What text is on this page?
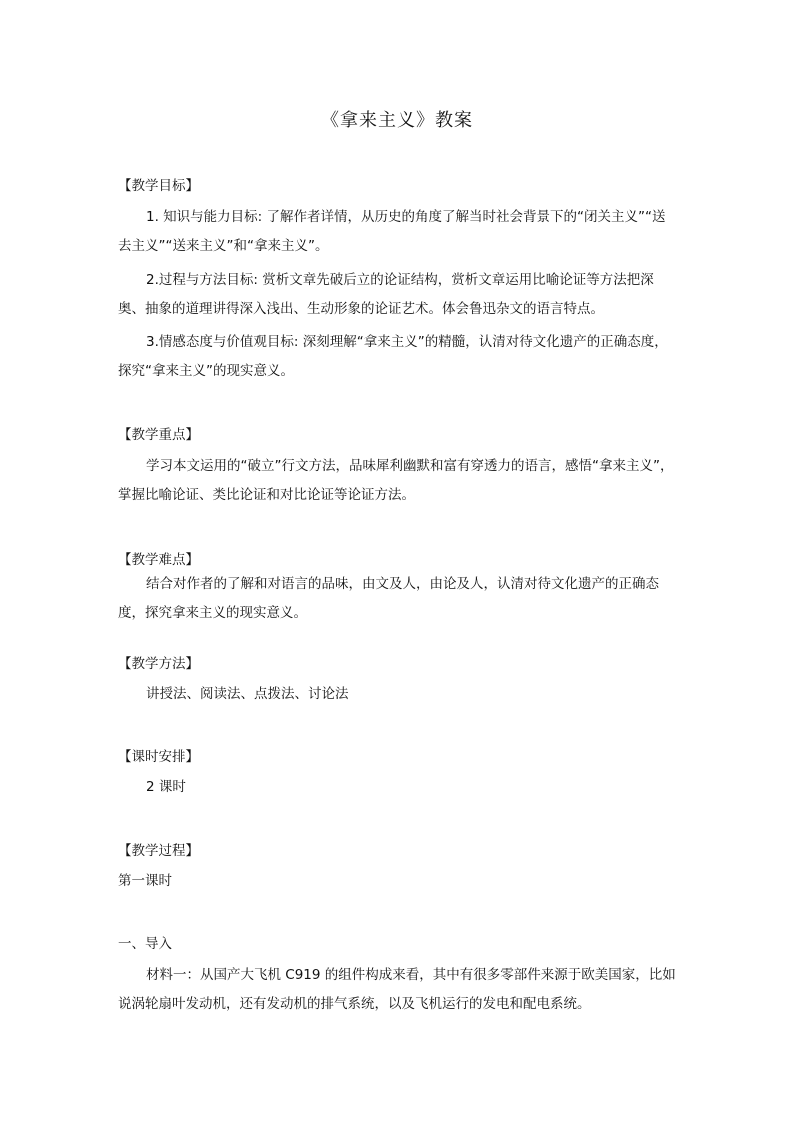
《拿来主义》教案
【教学目标】
1. 知识与能力目标: 了解作者详情，从历史的角度了解当时社会背景下的“闭关主义”“送去主义”“送来主义”和“拿来主义”。
2.过程与方法目标: 赏析文章先破后立的论证结构，赏析文章运用比喻论证等方法把深奥、抽象的道理讲得深入浅出、生动形象的论证艺术。体会鲁迅杂文的语言特点。
3.情感态度与价值观目标: 深刻理解“拿来主义”的精髓，认清对待文化遗产的正确态度，探究“拿来主义”的现实意义。
【教学重点】
学习本文运用的“破立”行文方法，品味犀利幽默和富有穿透力的语言，感悟“拿来主义”，掌握比喻论证、类比论证和对比论证等论证方法。
【教学难点】
结合对作者的了解和对语言的品味，由文及人，由论及人，认清对待文化遗产的正确态度，探究拿来主义的现实意义。
【教学方法】
讲授法、阅读法、点拨法、讨论法
【课时安排】
2 课时
【教学过程】
第一课时
一、导入
材料一：从国产大飞机 C919 的组件构成来看，其中有很多零部件来源于欧美国家，比如说涡轮扇叶发动机，还有发动机的排气系统，以及飞机运行的发电和配电系统。
